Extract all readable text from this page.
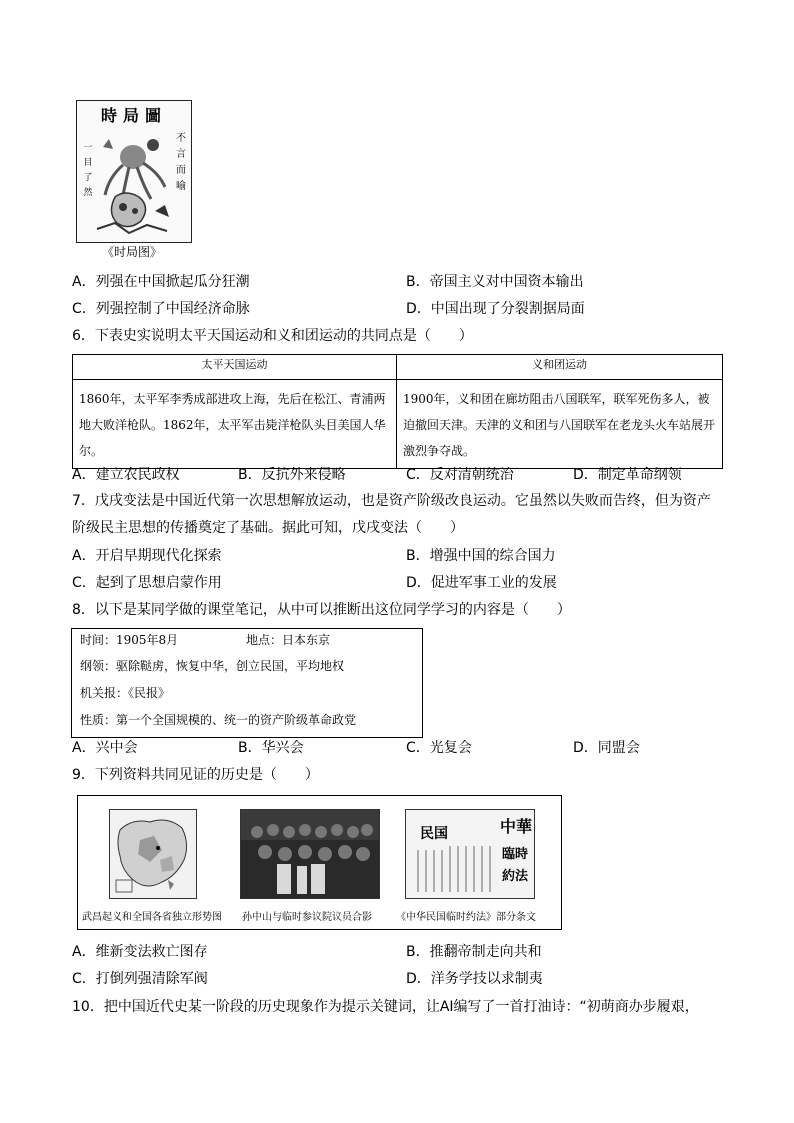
時局圖
不言而喻
一目了然
《时局图》
A．列强在中国掀起瓜分狂潮	B．帝国主义对中国资本输出
C．列强控制了中国经济命脉	D．中国出现了分裂割据局面
6．下表史实说明太平天国运动和义和团运动的共同点是（　　）
太平天国运动	义和团运动
1860年，太平军李秀成部进攻上海，先后在松江、青浦两地大败洋枪队。1862年，太平军击毙洋枪队头目美国人华尔。	1900年，义和团在廊坊阻击八国联军，联军死伤多人，被迫撤回天津。天津的义和团与八国联军在老龙头火车站展开激烈争夺战。
A．建立农民政权	B．反抗外来侵略	C．反对清朝统治	D．制定革命纲领
7．戊戌变法是中国近代第一次思想解放运动，也是资产阶级改良运动。它虽然以失败而告终，但为资产
阶级民主思想的传播奠定了基础。据此可知，戊戌变法（　　）
A．开启早期现代化探索	B．增强中国的综合国力
C．起到了思想启蒙作用	D．促进军事工业的发展
8．以下是某同学做的课堂笔记，从中可以推断出这位同学学习的内容是（　　）
时间：1905年8月	地点：日本东京
纲领：驱除鞑虏，恢复中华，创立民国，平均地权
机关报：《民报》
性质：第一个全国规模的、统一的资产阶级革命政党
A．兴中会	B．华兴会	C．光复会	D．同盟会
9．下列资料共同见证的历史是（　　）
民国	中華
臨時
約法
武昌起义和全国各省独立形势图 孙中山与临时参议院议员合影 《中华民国临时约法》部分条文
A．维新变法救亡图存	B．推翻帝制走向共和
C．打倒列强清除军阀	D．洋务学技以求制夷
10．把中国近代史某一阶段的历史现象作为提示关键词，让AI编写了一首打油诗：“初萌商办步履艰，
